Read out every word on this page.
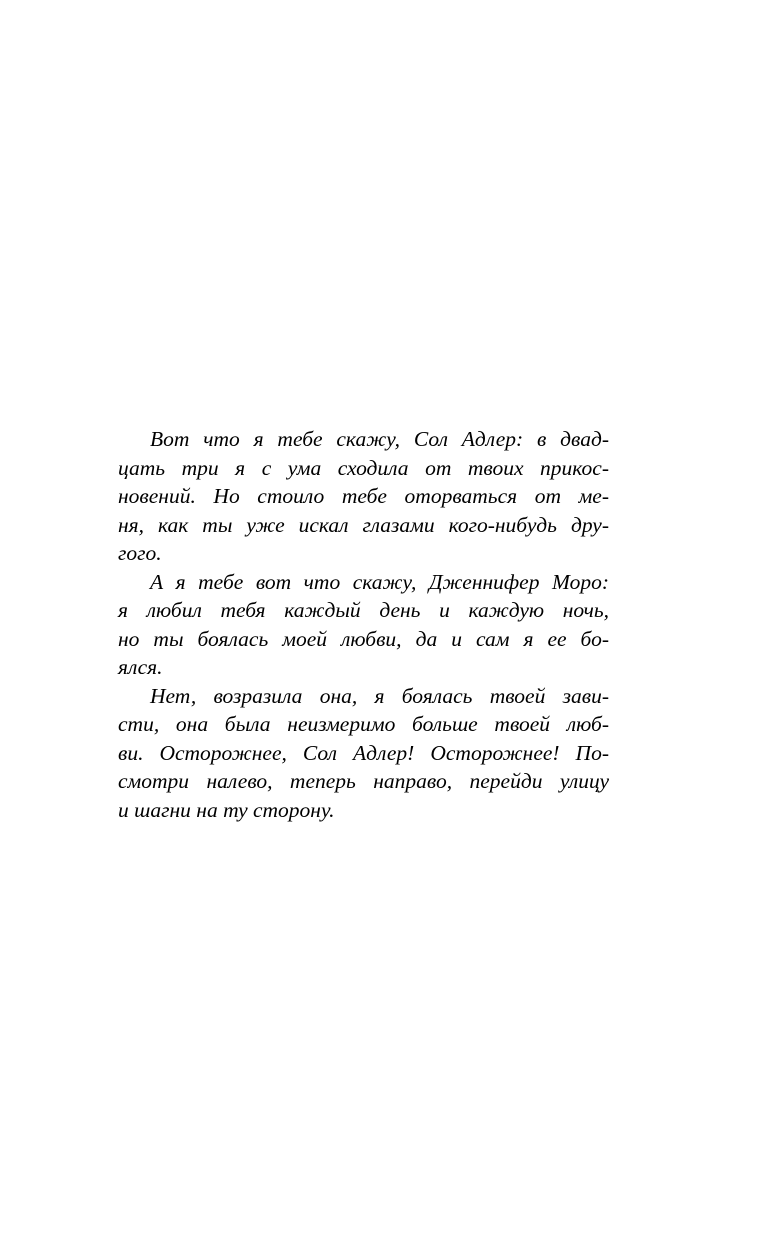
Вот что я тебе скажу, Сол Адлер: в двад-
цать три я с ума сходила от твоих прикос-
новений. Но стоило тебе оторваться от ме-
ня, как ты уже искал глазами кого-нибудь дру-
гого.
А я тебе вот что скажу, Дженнифер Моро:
я любил тебя каждый день и каждую ночь,
но ты боялась моей любви, да и сам я ее бо-
ялся.
Нет, возразила она, я боялась твоей зави-
сти, она была неизмеримо больше твоей люб-
ви. Осторожнее, Сол Адлер! Осторожнее! По-
смотри налево, теперь направо, перейди улицу
и шагни на ту сторону.
